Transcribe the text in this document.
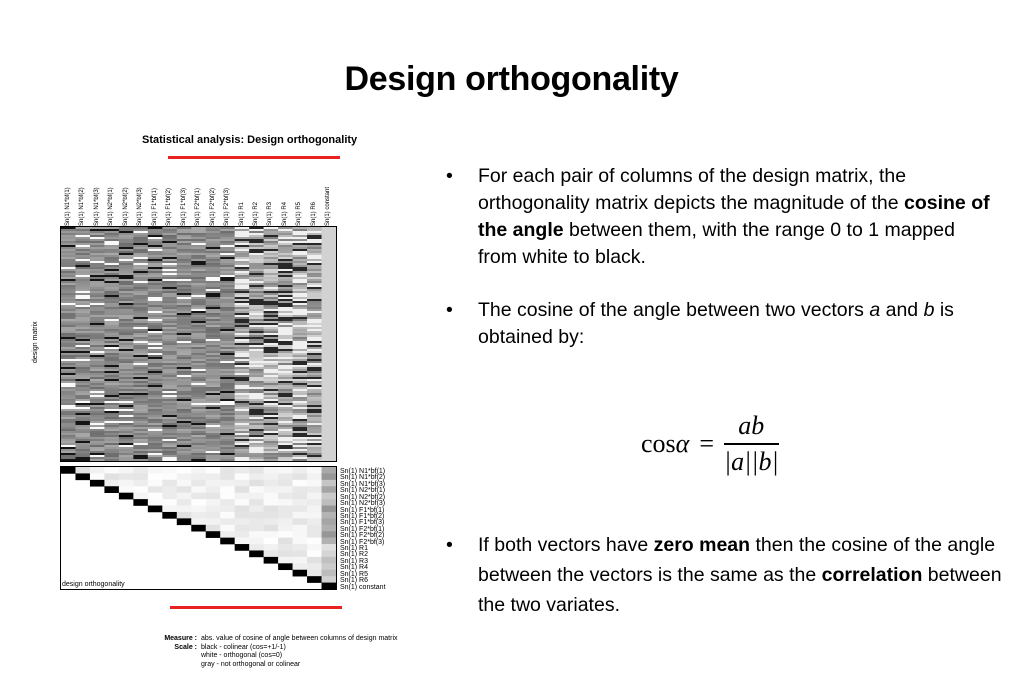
Design orthogonality
Statistical analysis: Design orthogonality
Sn(1) N1*bf(1) Sn(1) N1*bf(2) Sn(1) N1*bf(3) Sn(1) N2*bf(1) Sn(1) N2*bf(2) Sn(1) N2*bf(3) Sn(1) F1*bf(1) Sn(1) F1*bf(2) Sn(1) F1*bf(3) Sn(1) F2*bf(1) Sn(1) F2*bf(2) Sn(1) F2*bf(3) Sn(1) R1 Sn(1) R2 Sn(1) R3 Sn(1) R4 Sn(1) R5 Sn(1) R6 Sn(1) constant
design matrix
Sn(1) N1*bf(1)
Sn(1) N1*bf(2)
Sn(1) N1*bf(3)
Sn(1) N2*bf(1)
Sn(1) N2*bf(2)
Sn(1) N2*bf(3)
Sn(1) F1*bf(1)
Sn(1) F1*bf(2)
Sn(1) F1*bf(3)
Sn(1) F2*bf(1)
Sn(1) F2*bf(2)
Sn(1) F2*bf(3)
Sn(1) R1
Sn(1) R2
Sn(1) R3
Sn(1) R4
Sn(1) R5
Sn(1) R6
Sn(1) constant
design orthogonality
Measure : abs. value of cosine of angle between columns of design matrix
Scale : black - colinear (cos=+1/-1)
white - orthogonal (cos=0)
gray - not orthogonal or colinear
• For each pair of columns of the design matrix, the orthogonality matrix depicts the magnitude of the cosine of the angle between them, with the range 0 to 1 mapped from white to black.
• The cosine of the angle between two vectors a and b is obtained by:
$\cos \alpha = \frac{ab}{|a||b|}$
• If both vectors have zero mean then the cosine of the angle between the vectors is the same as the correlation between the two variates.
